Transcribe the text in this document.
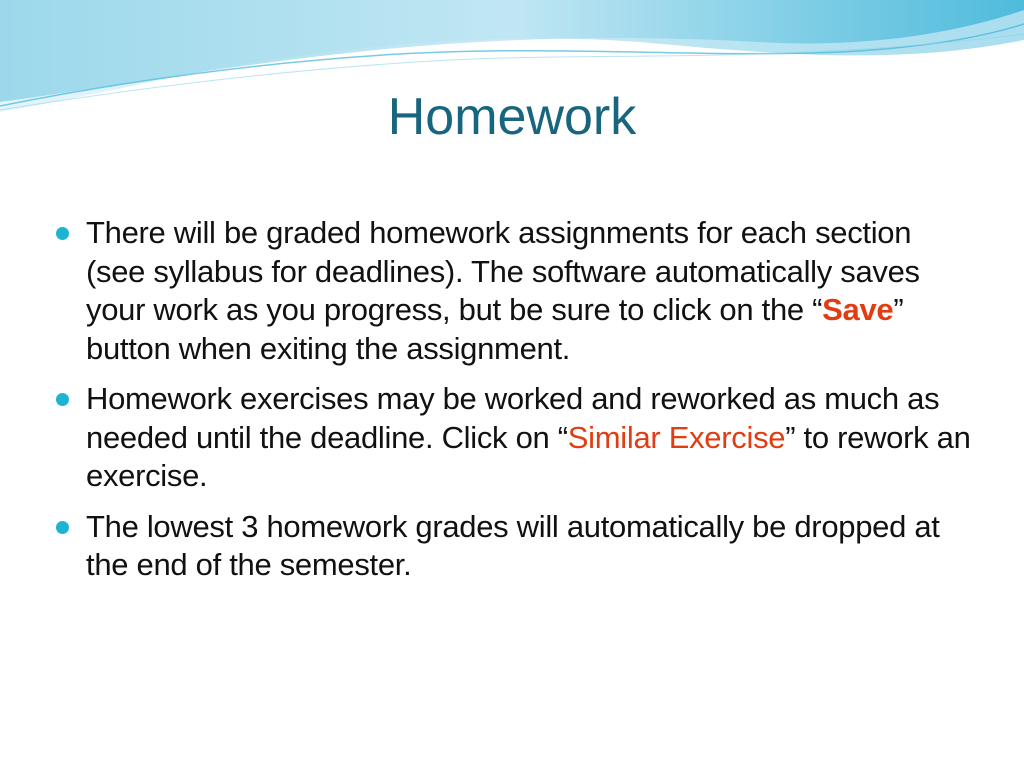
Homework
There will be graded homework assignments for each section (see syllabus for deadlines). The software automatically saves your work as you progress, but be sure to click on the “Save” button when exiting the assignment.
Homework exercises may be worked and reworked as much as needed until the deadline. Click on “Similar Exercise” to rework an exercise.
The lowest 3 homework grades will automatically be dropped at the end of the semester.
